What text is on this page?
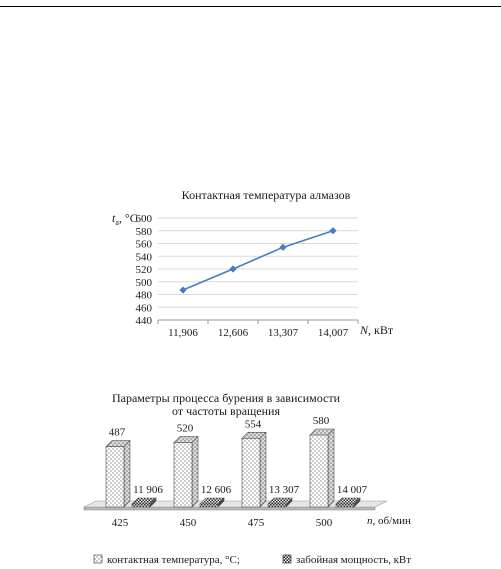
Контактная температура алмазов
$t_а$, °C
440
460
480
500
520
540
560
580
600
11,906 12,606 13,307 14,007 N, кВт
Параметры процесса бурения в зависимости
от частоты вращения
487
11 906
520
12 606
554
13 307
580
14 007
425	450	475	500	n, об/мин
контактная температура, °C;	забойная мощность, кВт
